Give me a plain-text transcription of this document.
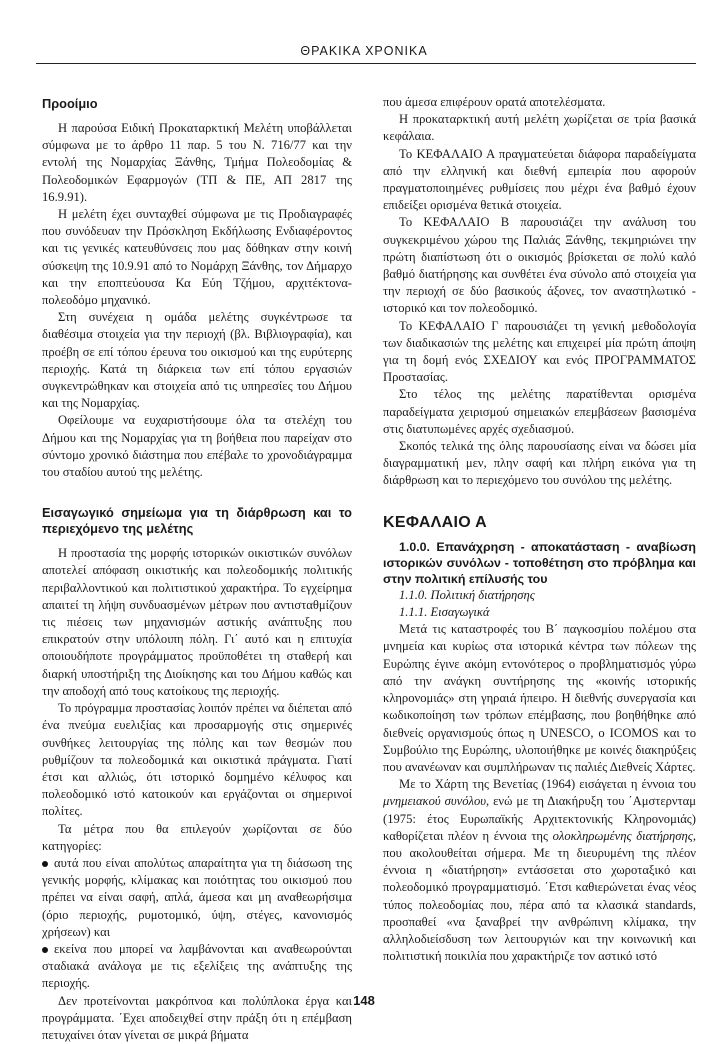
ΘΡΑΚΙΚΑ ΧΡΟΝΙΚΑ
Προοίμιο

Η παρούσα Ειδική Προκαταρκτική Μελέτη υποβάλλεται σύμφωνα με το άρθρο 11 παρ. 5 του Ν. 716/77 και την εντολή της Νομαρχίας Ξάνθης, Τμήμα Πολεοδομίας & Πολεοδομικών Εφαρμογών (ΤΠ & ΠΕ, ΑΠ 2817 της 16.9.91).

Η μελέτη έχει συνταχθεί σύμφωνα με τις Προδιαγραφές που συνόδευαν την Πρόσκληση Εκδήλωσης Ενδιαφέροντος και τις γενικές κατευθύνσεις που μας δόθηκαν στην κοινή σύσκεψη της 10.9.91 από το Νομάρχη Ξάνθης, τον Δήμαρχο και την εποπτεύουσα Κα Εύη Τζήμου, αρχιτέκτονα-πολεοδόμο μηχανικό.

Στη συνέχεια η ομάδα μελέτης συγκέντρωσε τα διαθέσιμα στοιχεία για την περιοχή (βλ. Βιβλιογραφία), και προέβη σε επί τόπου έρευνα του οικισμού και της ευρύτερης περιοχής. Κατά τη διάρκεια των επί τόπου εργασιών συγκεντρώθηκαν και στοιχεία από τις υπηρεσίες του Δήμου και της Νομαρχίας.

Οφείλουμε να ευχαριστήσουμε όλα τα στελέχη του Δήμου και της Νομαρχίας για τη βοήθεια που παρείχαν στο σύντομο χρονικό διάστημα που επέβαλε το χρονοδιάγραμμα του σταδίου αυτού της μελέτης.

Εισαγωγικό σημείωμα για τη διάρθρωση και το περιεχόμενο της μελέτης

Η προστασία της μορφής ιστορικών οικιστικών συνόλων αποτελεί απόφαση οικιστικής και πολεοδομικής πολιτικής περιβαλλοντικού και πολιτιστικού χαρακτήρα. Το εγχείρημα απαιτεί τη λήψη συνδυασμένων μέτρων που αντισταθμίζουν τις πιέσεις των μηχανισμών αστικής ανάπτυξης που επικρατούν στην υπόλοιπη πόλη. Γι΄ αυτό και η επιτυχία οποιουδήποτε προγράμματος προϋποθέτει τη σταθερή και διαρκή υποστήριξη της Διοίκησης και του Δήμου καθώς και την αποδοχή από τους κατοίκους της περιοχής.

Το πρόγραμμα προστασίας λοιπόν πρέπει να διέπεται από ένα πνεύμα ευελιξίας και προσαρμογής στις σημερινές συνθήκες λειτουργίας της πόλης και των θεσμών που ρυθμίζουν τα πολεοδομικά και οικιστικά πράγματα. Γιατί έτσι και αλλιώς, ότι ιστορικό δομημένο κέλυφος και πολεοδομικό ιστό κατοικούν και εργάζονται οι σημερινοί πολίτες.

Τα μέτρα που θα επιλεγούν χωρίζονται σε δύο κατηγορίες:

αυτά που είναι απολύτως απαραίτητα για τη διάσωση της γενικής μορφής, κλίμακας και ποιότητας του οικισμού που πρέπει να είναι σαφή, απλά, άμεσα και μη αναθεωρήσιμα (όριο περιοχής, ρυμοτομικό, ύψη, στέγες, κανονισμός χρήσεων) και

εκείνα που μπορεί να λαμβάνονται και αναθεωρούνται σταδιακά ανάλογα με τις εξελίξεις της ανάπτυξης της περιοχής.

Δεν προτείνονται μακρόπνοα και πολύπλοκα έργα και προγράμματα. ΄Εχει αποδειχθεί στην πράξη ότι η επέμβαση πετυχαίνει όταν γίνεται σε μικρά βήματα

που άμεσα επιφέρουν ορατά αποτελέσματα.

Η προκαταρκτική αυτή μελέτη χωρίζεται σε τρία βασικά κεφάλαια.

Το ΚΕΦΑΛΑΙΟ Α πραγματεύεται διάφορα παραδείγματα από την ελληνική και διεθνή εμπειρία που αφορούν πραγματοποιημένες ρυθμίσεις που μέχρι ένα βαθμό έχουν επιδείξει ορισμένα θετικά στοιχεία.

Το ΚΕΦΑΛΑΙΟ Β παρουσιάζει την ανάλυση του συγκεκριμένου χώρου της Παλιάς Ξάνθης, τεκμηριώνει την πρώτη διαπίστωση ότι ο οικισμός βρίσκεται σε πολύ καλό βαθμό διατήρησης και συνθέτει ένα σύνολο από στοιχεία για την περιοχή σε δύο βασικούς άξονες, τον αναστηλωτικό - ιστορικό και τον πολεοδομικό.

Το ΚΕΦΑΛΑΙΟ Γ παρουσιάζει τη γενική μεθοδολογία των διαδικασιών της μελέτης και επιχειρεί μία πρώτη άποψη για τη δομή ενός ΣΧΕΔΙΟΥ και ενός ΠΡΟΓΡΑΜΜΑΤΟΣ Προστασίας.

Στο τέλος της μελέτης παρατίθενται ορισμένα παραδείγματα χειρισμού σημειακών επεμβάσεων βασισμένα στις διατυπωμένες αρχές σχεδιασμού.

Σκοπός τελικά της όλης παρουσίασης είναι να δώσει μία διαγραμματική μεν, πλην σαφή και πλήρη εικόνα για τη διάρθρωση και το περιεχόμενο του συνόλου της μελέτης.

ΚΕΦΑΛΑΙΟ Α

1.0.0. Επανάχρηση - αποκατάσταση - αναβίωση ιστορικών συνόλων - τοποθέτηση στο πρόβλημα και στην πολιτική επίλυσής του

1.1.0. Πολιτική διατήρησης

1.1.1. Εισαγωγικά

Μετά τις καταστροφές του Β΄ παγκοσμίου πολέμου στα μνημεία και κυρίως στα ιστορικά κέντρα των πόλεων της Ευρώπης έγινε ακόμη εντονότερος ο προβληματισμός γύρω από την ανάγκη συντήρησης της «κοινής ιστορικής κληρονομιάς» στη γηραιά ήπειρο. Η διεθνής συνεργασία και κωδικοποίηση των τρόπων επέμβασης, που βοηθήθηκε από διεθνείς οργανισμούς όπως η UNESCO, ο ICOMOS και το Συμβούλιο της Ευρώπης, υλοποιήθηκε με κοινές διακηρύξεις που ανανέωναν και συμπλήρωναν τις παλιές Διεθνείς Χάρτες.

Με το Χάρτη της Βενετίας (1964) εισάγεται η έννοια του μνημειακού συνόλου, ενώ με τη Διακήρυξη του ΄Αμστερνταμ (1975: έτος Ευρωπαϊκής Αρχιτεκτονικής Κληρονομιάς) καθορίζεται πλέον η έννοια της ολοκληρωμένης διατήρησης, που ακολουθείται σήμερα. Με τη διευρυμένη της πλέον έννοια η «διατήρηση» εντάσσεται στο χωροταξικό και πολεοδομικό προγραμματισμό. ΄Ετσι καθιερώνεται ένας νέος τύπος πολεοδομίας που, πέρα από τα κλασικά standards, προσπαθεί «να ξαναβρεί την ανθρώπινη κλίμακα, την αλληλοδιείσδυση των λειτουργιών και την κοινωνική και πολιτιστική ποικιλία που χαρακτήριζε τον αστικό ιστό

148
